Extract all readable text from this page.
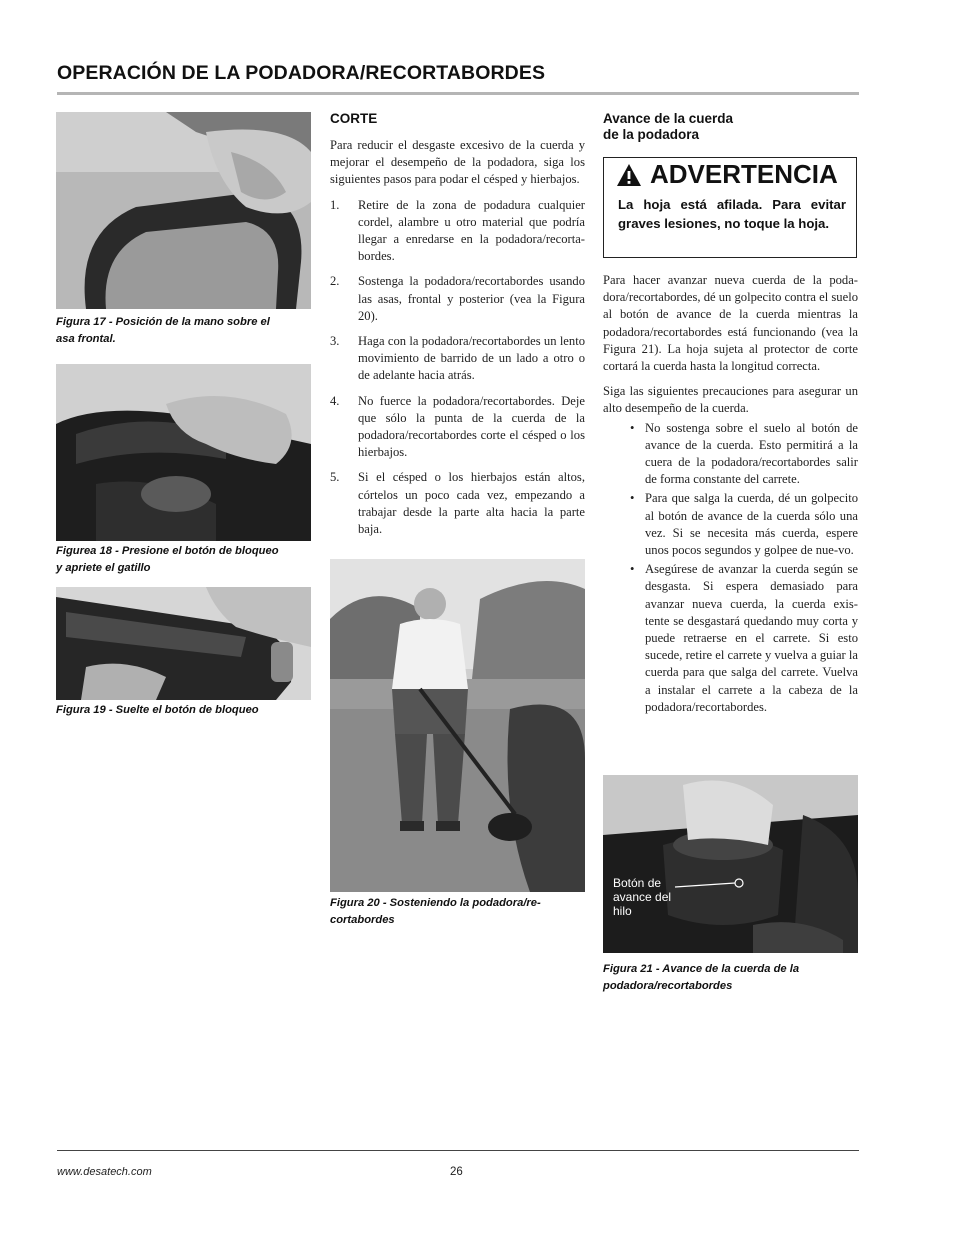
OPERACIÓN DE LA PODADORA/RECORTABORDES
Figura 17 - Posición de la mano sobre el
asa frontal.
Figurea 18 - Presione el botón de bloqueo
y apriete el gatillo
Figura 19 - Suelte el botón de bloqueo
CORTE

Para reducir el desgaste excesivo de la cuerda y mejorar el desempeño de la podadora, siga los siguientes pasos para podar el césped y hierbajos.

1. Retire de la zona de podadura cualquier cordel, alambre u otro material que podría llegar a enredarse en la podadora/recorta-bordes.
2. Sostenga la podadora/recortabordes usando las asas, frontal y posterior (vea la Figura 20).
3. Haga con la podadora/recortabordes un lento movimiento de barrido de un lado a otro o de adelante hacia atrás.
4. No fuerce la podadora/recortabordes. Deje que sólo la punta de la cuerda de la podadora/recortabordes corte el césped o los hierbajos.
5. Si el césped o los hierbajos están altos, córtelos un poco cada vez, empezando a trabajar desde la parte alta hacia la parte baja.
Figura 20 - Sosteniendo la podadora/re-
cortabordes
Avance de la cuerda
de la podadora
ADVERTENCIA
La hoja está afilada. Para evitar graves lesiones, no toque la hoja.

Para hacer avanzar nueva cuerda de la poda-dora/recortabordes, dé un golpecito contra el suelo al botón de avance de la cuerda mientras la podadora/recortabordes está funcionando (vea la Figura 21). La hoja sujeta al protector de corte cortará la cuerda hasta la longitud correcta.

Siga las siguientes precauciones para asegurar un alto desempeño de la cuerda.

• No sostenga sobre el suelo al botón de avance de la cuerda. Esto permitirá a la cuera de la podadora/recortabordes salir de forma constante del carrete.
• Para que salga la cuerda, dé un golpecito al botón de avance de la cuerda sólo una vez. Si se necesita más cuerda, espere unos pocos segundos y golpee de nue-vo.
• Asegúrese de avanzar la cuerda según se desgasta. Si espera demasiado para avanzar nueva cuerda, la cuerda exis-tente se desgastará quedando muy corta y puede retraerse en el carrete. Si esto sucede, retire el carrete y vuelva a guiar la cuerda para que salga del carrete. Vuelva a instalar el carrete a la cabeza de la podadora/recortabordes.
Botón de
avance del
hilo
Figura 21 - Avance de la cuerda de la
podadora/recortabordes
www.desatech.com	26
